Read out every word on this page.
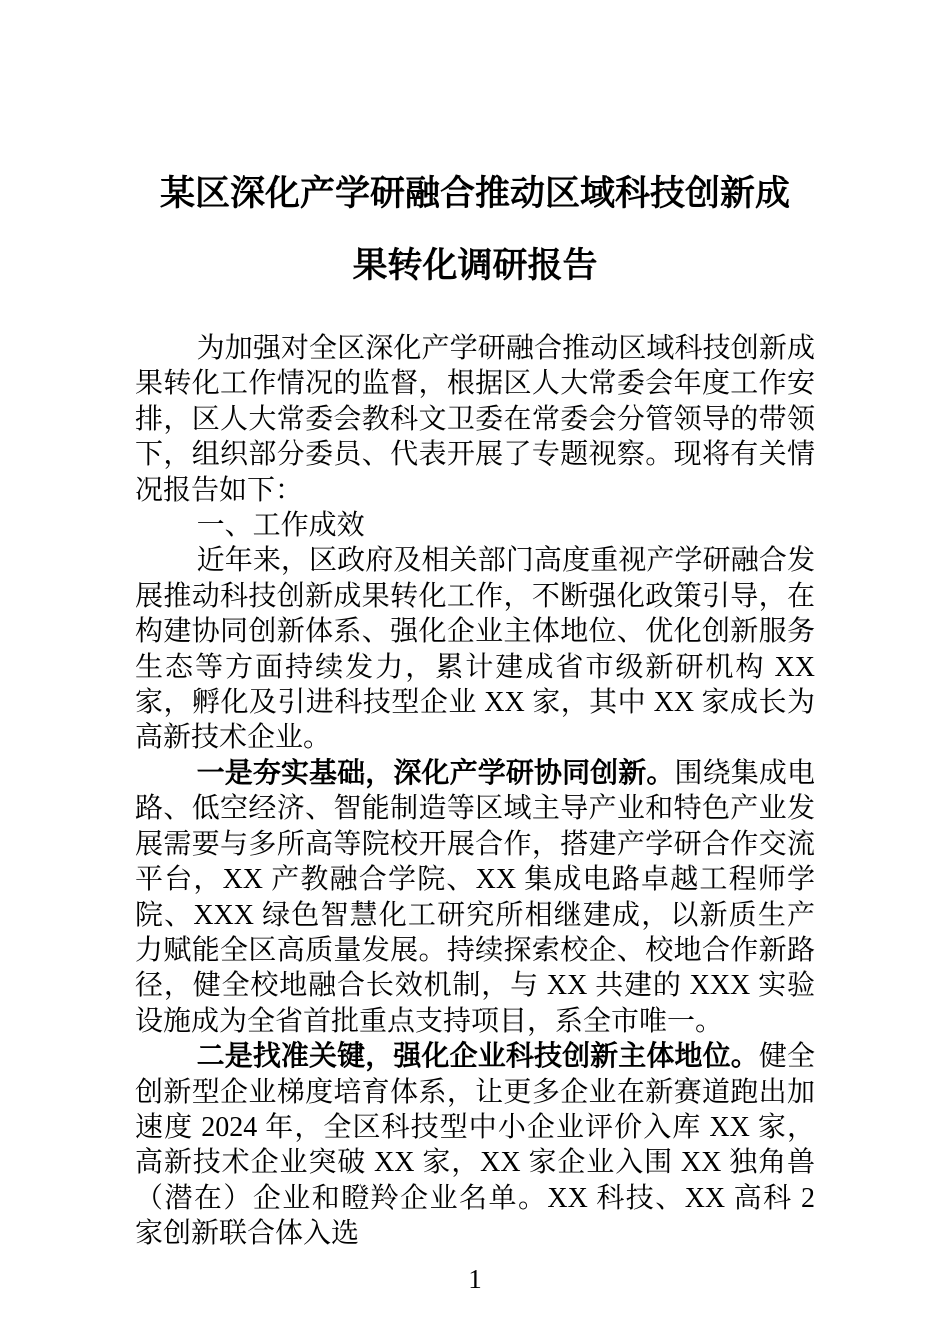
某区深化产学研融合推动区域科技创新成
果转化调研报告

为加强对全区深化产学研融合推动区域科技创新成果转化工作情况的监督，根据区人大常委会年度工作安排，区人大常委会教科文卫委在常委会分管领导的带领下，组织部分委员、代表开展了专题视察。现将有关情况报告如下：

一、工作成效

近年来，区政府及相关部门高度重视产学研融合发展推动科技创新成果转化工作，不断强化政策引导，在构建协同创新体系、强化企业主体地位、优化创新服务生态等方面持续发力，累计建成省市级新研机构 XX 家，孵化及引进科技型企业 XX 家，其中 XX 家成长为高新技术企业。

一是夯实基础，深化产学研协同创新。围绕集成电路、低空经济、智能制造等区域主导产业和特色产业发展需要与多所高等院校开展合作，搭建产学研合作交流平台，XX 产教融合学院、XX 集成电路卓越工程师学院、XXX 绿色智慧化工研究所相继建成，以新质生产力赋能全区高质量发展。持续探索校企、校地合作新路径，健全校地融合长效机制，与 XX 共建的 XXX 实验设施成为全省首批重点支持项目，系全市唯一。

二是找准关键，强化企业科技创新主体地位。健全创新型企业梯度培育体系，让更多企业在新赛道跑出加速度 2024 年，全区科技型中小企业评价入库 XX 家，高新技术企业突破 XX 家，XX 家企业入围 XX 独角兽（潜在）企业和瞪羚企业名单。XX 科技、XX 高科 2 家创新联合体入选

1
